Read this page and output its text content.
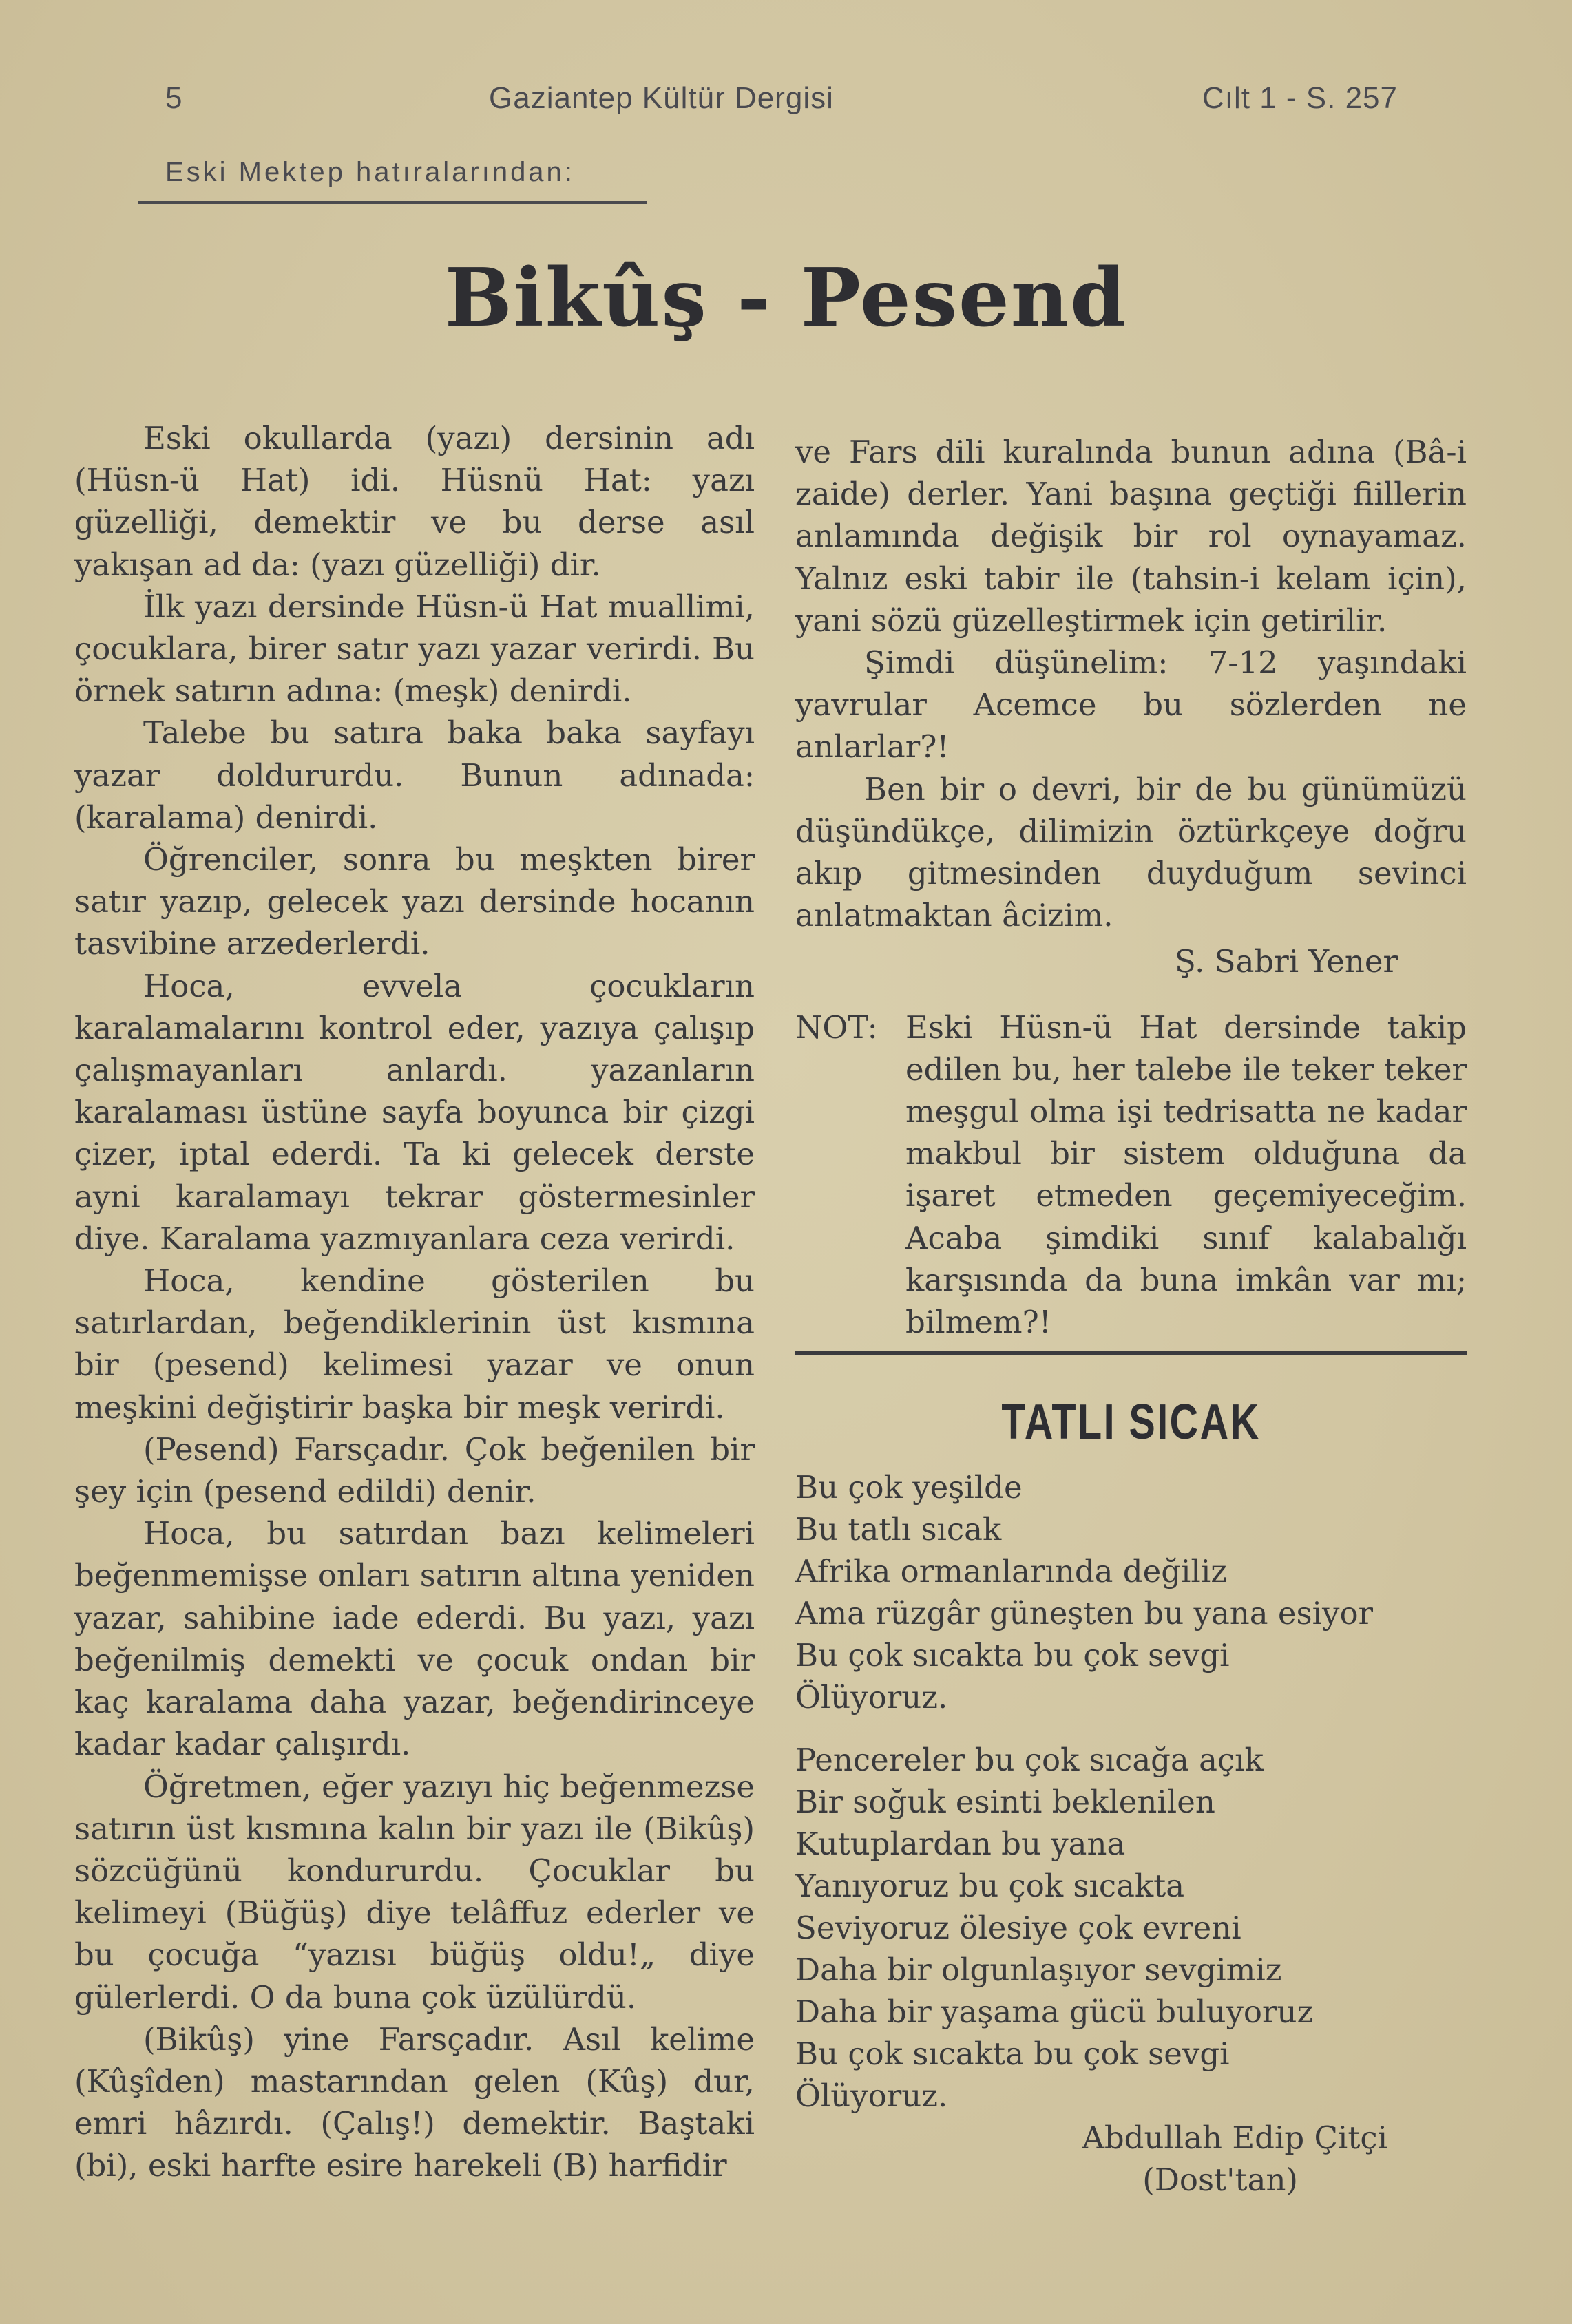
5	Gaziantep Kültür Dergisi	Cılt 1 - S. 257
Eski Mektep hatıralarından:
Bikûş - Pesend

Eski okullarda (yazı) dersinin adı (Hüsn-ü Hat) idi. Hüsnü Hat: yazı güzelliği, demektir ve bu derse asıl yakışan ad da: (yazı güzelliği) dir.

İlk yazı dersinde Hüsn-ü Hat muallimi, çocuklara, birer satır yazı yazar verirdi. Bu örnek satırın adına: (meşk) denirdi.

Talebe bu satıra baka baka sayfayı yazar doldururdu. Bunun adınada: (karalama) denirdi.

Öğrenciler, sonra bu meşkten birer satır yazıp, gelecek yazı dersinde hocanın tasvibine arzederlerdi.

Hoca, evvela çocukların karalamalarını kontrol eder, yazıya çalışıp çalışmayanları anlardı. yazanların karalaması üstüne sayfa boyunca bir çizgi çizer, iptal ederdi. Ta ki gelecek derste ayni karalamayı tekrar göstermesinler diye. Karalama yazmıyanlara ceza verirdi.

Hoca, kendine gösterilen bu satırlardan, beğendiklerinin üst kısmına bir (pesend) kelimesi yazar ve onun meşkini değiştirir başka bir meşk verirdi.

(Pesend) Farsçadır. Çok beğenilen bir şey için (pesend edildi) denir.

Hoca, bu satırdan bazı kelimeleri beğenmemişse onları satırın altına yeniden yazar, sahibine iade ederdi. Bu yazı, yazı beğenilmiş demekti ve çocuk ondan bir kaç karalama daha yazar, beğendirinceye kadar kadar çalışırdı.

Öğretmen, eğer yazıyı hiç beğenmezse satırın üst kısmına kalın bir yazı ile (Bikûş) sözcüğünü kondururdu. Çocuklar bu kelimeyi (Büğüş) diye telâffuz ederler ve bu çocuğa “yazısı büğüş oldu!„ diye gülerlerdi. O da buna çok üzülürdü.

(Bikûş) yine Farsçadır. Asıl kelime (Kûşîden) mastarından gelen (Kûş) dur, emri hâzırdı. (Çalış!) demektir. Baştaki (bi), eski harfte esire harekeli (B) harfidir

ve Fars dili kuralında bunun adına (Bâ-i zaide) derler. Yani başına geçtiği fiillerin anlamında değişik bir rol oynayamaz. Yalnız eski tabir ile (tahsin-i kelam için), yani sözü güzelleştirmek için getirilir.

Şimdi düşünelim: 7-12 yaşındaki yavrular Acemce bu sözlerden ne anlarlar?!

Ben bir o devri, bir de bu günümüzü düşündükçe, dilimizin öztürkçeye doğru akıp gitmesinden duyduğum sevinci anlatmaktan âcizim.

Ş. Sabri Yener
NOT: Eski Hüsn-ü Hat dersinde takip edilen bu, her talebe ile teker teker meşgul olma işi tedrisatta ne kadar makbul bir sistem olduğuna da işaret etmeden geçemiyeceğim. Acaba şimdiki sınıf kalabalığı karşısında da buna imkân var mı; bilmem?!
TATLI SICAK
Bu çok yeşilde
Bu tatlı sıcak
Afrika ormanlarında değiliz
Ama rüzgâr güneşten bu yana esiyor
Bu çok sıcakta bu çok sevgi
Ölüyoruz.
Pencereler bu çok sıcağa açık
Bir soğuk esinti beklenilen
Kutuplardan bu yana
Yanıyoruz bu çok sıcakta
Seviyoruz ölesiye çok evreni
Daha bir olgunlaşıyor sevgimiz
Daha bir yaşama gücü buluyoruz
Bu çok sıcakta bu çok sevgi
Ölüyoruz.
Abdullah Edip Çitçi
(Dost'tan)
